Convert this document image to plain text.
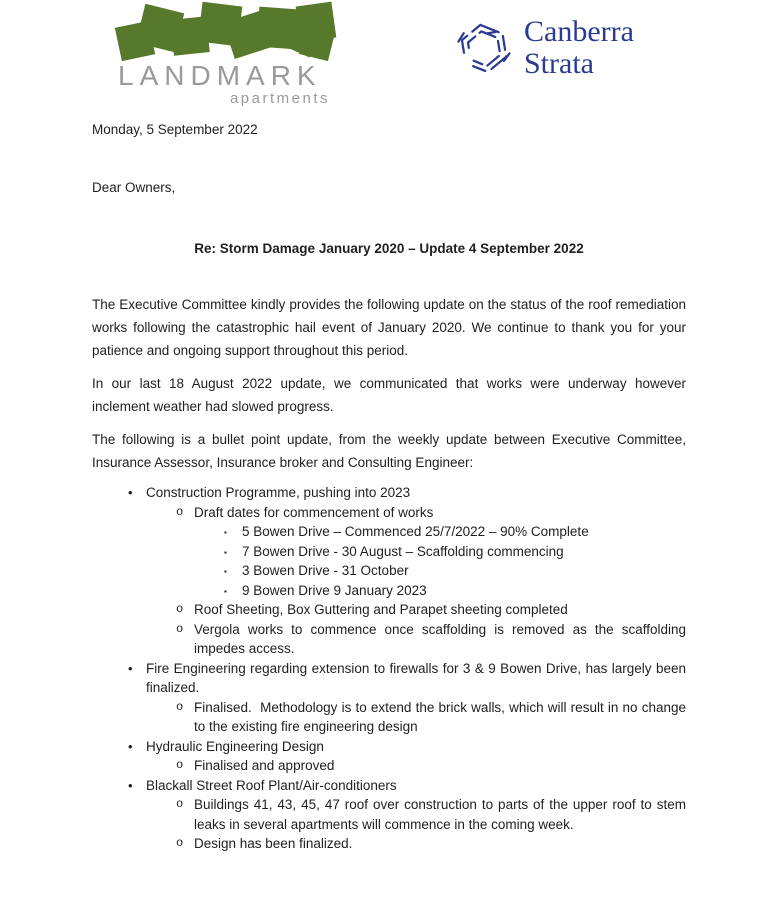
LANDMARK
apartments
Canberra
Strata

Monday, 5 September 2022

Dear Owners,

Re: Storm Damage January 2020 – Update 4 September 2022

The Executive Committee kindly provides the following update on the status of the roof remediation works following the catastrophic hail event of January 2020. We continue to thank you for your patience and ongoing support throughout this period.

In our last 18 August 2022 update, we communicated that works were underway however inclement weather had slowed progress.

The following is a bullet point update, from the weekly update between Executive Committee, Insurance Assessor, Insurance broker and Consulting Engineer:

• Construction Programme, pushing into 2023
o Draft dates for commencement of works
▪ 5 Bowen Drive – Commenced 25/7/2022 – 90% Complete
▪ 7 Bowen Drive - 30 August – Scaffolding commencing
▪ 3 Bowen Drive - 31 October
▪ 9 Bowen Drive 9 January 2023
o Roof Sheeting, Box Guttering and Parapet sheeting completed
o Vergola works to commence once scaffolding is removed as the scaffolding impedes access.
• Fire Engineering regarding extension to firewalls for 3 & 9 Bowen Drive, has largely been finalized.
o Finalised.  Methodology is to extend the brick walls, which will result in no change to the existing fire engineering design
• Hydraulic Engineering Design
o Finalised and approved
• Blackall Street Roof Plant/Air-conditioners
o Buildings 41, 43, 45, 47 roof over construction to parts of the upper roof to stem leaks in several apartments will commence in the coming week.
o Design has been finalized.
